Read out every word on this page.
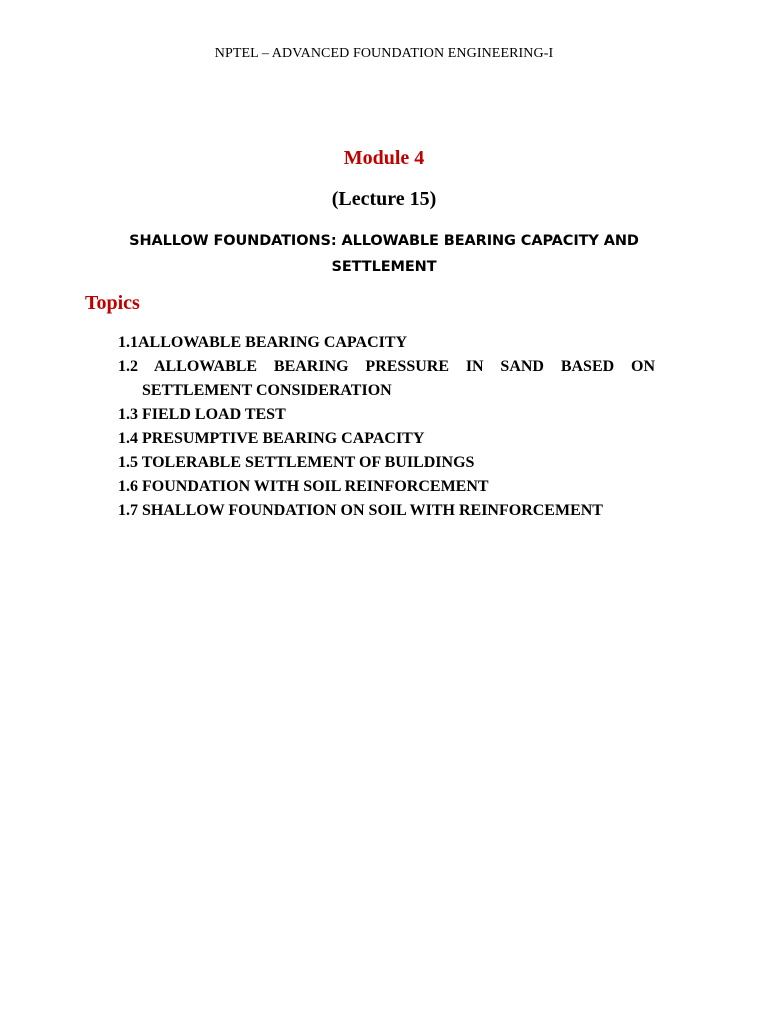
NPTEL – ADVANCED FOUNDATION ENGINEERING-I
Module 4
(Lecture 15)
SHALLOW FOUNDATIONS: ALLOWABLE BEARING CAPACITY AND SETTLEMENT
Topics
1.1ALLOWABLE BEARING CAPACITY
1.2 ALLOWABLE BEARING PRESSURE IN SAND BASED ON SETTLEMENT CONSIDERATION
1.3 FIELD LOAD TEST
1.4 PRESUMPTIVE BEARING CAPACITY
1.5 TOLERABLE SETTLEMENT OF BUILDINGS
1.6 FOUNDATION WITH SOIL REINFORCEMENT
1.7 SHALLOW FOUNDATION ON SOIL WITH REINFORCEMENT
